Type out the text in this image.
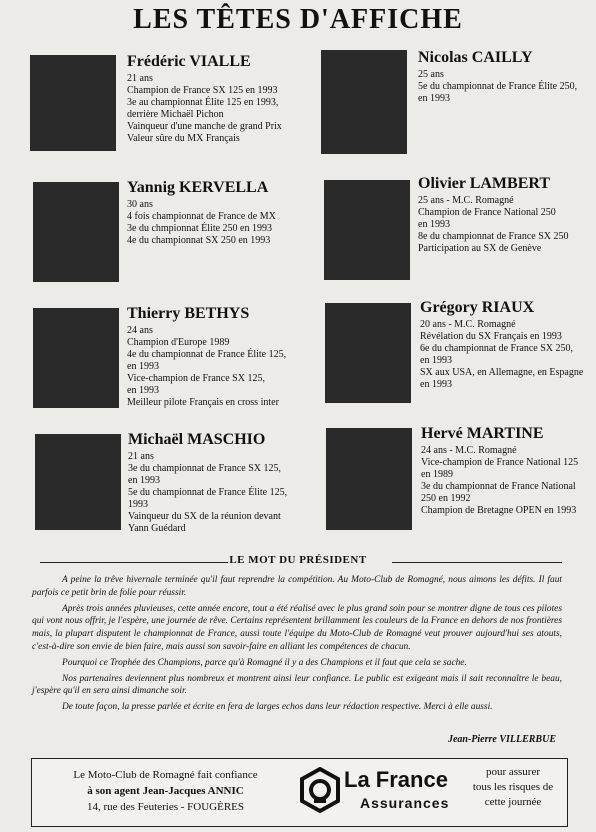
LES TÊTES D'AFFICHE
Frédéric VIALLE
21 ans
Champion de France SX 125 en 1993
3e au championnat Élite 125 en 1993,
derrière Michaël Pichon
Vainqueur d'une manche de grand Prix
Valeur sûre du MX Français
Nicolas CAILLY
25 ans
5e du championnat de France Élite 250,
en 1993
Yannig KERVELLA
30 ans
4 fois championnat de France de MX
3e du chmpionnat Élite 250 en 1993
4e du championnat SX 250 en 1993
Olivier LAMBERT
25 ans - M.C. Romagné
Champion de France National 250
en 1993
8e du championnat de France SX 250
Participation au SX de Genève
Thierry BETHYS
24 ans
Champion d'Europe 1989
4e du championnat de France Élite 125,
en 1993
Vice-champion de France SX 125,
en 1993
Meilleur pilote Français en cross inter
Grégory RIAUX
20 ans - M.C. Romagné
Révélation du SX Français en 1993
6e du championnat de France SX 250,
en 1993
SX aux USA, en Allemagne, en Espagne
en 1993
Michaël MASCHIO
21 ans
3e du championnat de France SX 125,
en 1993
5e du championnat de France Élite 125,
1993
Vainqueur du SX de la réunion devant
Yann Guédard
Hervé MARTINE
24 ans - M.C. Romagné
Vice-champion de France National 125
en 1989
3e du championnat de France National
250 en 1992
Champion de Bretagne OPEN en 1993
LE MOT DU PRÉSIDENT

A peine la trêve hivernale terminée qu'il faut reprendre la compétition. Au Moto-Club de Romagné, nous aimons les défits. Il faut parfois ce petit brin de folie pour réussir.

Après trois années pluvieuses, cette année encore, tout a été réalisé avec le plus grand soin pour se montrer digne de tous ces pilotes qui vont nous offrir, je l'espère, une journée de rêve. Certains représentent brillamment les couleurs de la France en dehors de nos frontières mais, la plupart disputent le championnat de France, aussi toute l'équipe du Moto-Club de Romagné veut prouver aujourd'hui ses atouts, c'est-à-dire son envie de bien faire, mais aussi son savoir-faire en alliant les compétences de chacun.

Pourquoi ce Trophée des Champions, parce qu'à Romagné il y a des Champions et il faut que cela se sache.

Nos partenaires deviennent plus nombreux et montrent ainsi leur confiance. Le public est exigeant mais il sait reconnaître le beau, j'espère qu'il en sera ainsi dimanche soir.

De toute façon, la presse parlée et écrite en fera de larges echos dans leur rédaction respective. Merci à elle aussi.

Jean-Pierre VILLERBUE
Le Moto-Club de Romagné fait confiance
à son agent Jean-Jacques ANNIC
14, rue des Feuteries - FOUGÈRES
La France
Assurances
pour assurer
tous les risques de
cette journée
